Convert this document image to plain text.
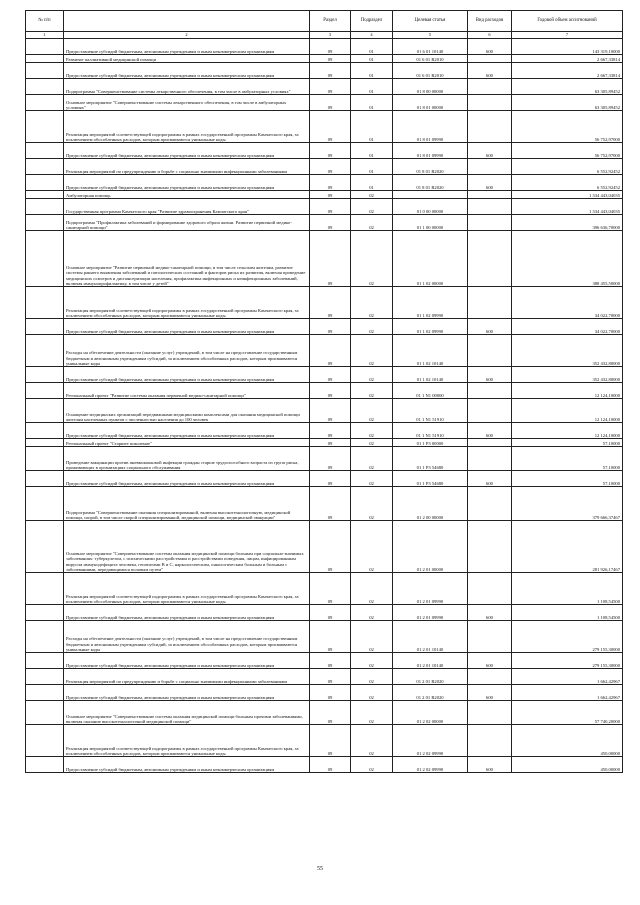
№ п/п		Раздел	Подраздел	Целевая статья	Вид расходов	Годовой объем ассигнований
1	2	3	4	5	6	7
	Предоставление субсидий бюджетным, автономным учреждениям и иным некоммерческим организациям	09	01	01 6 01 10140	600	143 319,10000
	Развитие паллиативной медицинской помощи	09	01	01 6 01 R2010		2 667,33814
	Предоставление субсидий бюджетным, автономным учреждениям и иным некоммерческим организациям	09	01	01 6 01 R2010	600	2 667,33814
	Подпрограмма "Совершенствование системы лекарственного обеспечения, в том числе в амбулаторных условиях"	09	01	01 8 00 00000		63 305,89452
	Основное мероприятие "Совершенствование системы лекарственного обеспечения, в том числе в амбулаторных условиях"	09	01	01 8 01 00000		63 305,89452
	Реализация мероприятий соответствующей подпрограммы в рамках государственной программы Камчатского края, за исключением обособленных расходов, которым присваиваются уникальные коды	09	01	01 8 01 09990		56 752,97000
	Предоставление субсидий бюджетным, автономным учреждениям и иным некоммерческим организациям	09	01	01 8 01 09990	600	56 752,97000
	Реализация мероприятий по предупреждению и борьбе с социально значимыми инфекционными заболеваниями	09	01	01 8 01 R2020		6 552,92452
	Предоставление субсидий бюджетным, автономным учреждениям и иным некоммерческим организациям	09	01	01 8 01 R2020	600	6 552,92452
	Амбулаторная помощь	09	02			1 334 443,04035
	Государственная программа Камчатского края "Развитие здравоохранения Камчатского края"	09	02	01 0 00 00000		1 334 443,04035
	Подпрограмма "Профилактика заболеваний и формирование здорового образа жизни. Развитие первичной медико-санитарной помощи"	09	02	01 1 00 00000		396 636,70000
	Основное мероприятие "Развитие первичной медико-санитарной помощи, в том числе сельским жителям, развитие системы раннего выявления заболеваний и патологических состояний и факторов риска их развития, включая проведение медицинских осмотров и диспансеризации населения, профилактика инфекционных и неинфекционных заболеваний, включая иммунопрофилактику, в том числе у детей"	09	02	01 1 02 00000		388 455,50000
	Реализация мероприятий соответствующей подпрограммы в рамках государственной программы Камчатского края, за исключением обособленных расходов, которым присваиваются уникальные коды	09	02	01 1 02 09990		34 022,70000
	Предоставление субсидий бюджетным, автономным учреждениям и иным некоммерческим организациям	09	02	01 1 02 09990	600	34 022,70000
	Расходы на обеспечение деятельности (оказание услуг) учреждений, в том числе на предоставление государственным бюджетным и автономным учреждениям субсидий, за исключением обособленных расходов, которым присваиваются уникальные коды	09	02	01 1 02 10140		352 432,80000
	Предоставление субсидий бюджетным, автономным учреждениям и иным некоммерческим организациям	09	02	01 1 02 10140	600	352 432,80000
	Региональный проект "Развитие системы оказания первичной медико-санитарной помощи"	09	02	01 1 N1 00000		12 124,10000
	Оснащение медицинских организаций передвижными медицинскими комплексами для оказания медицинской помощи жителям населенных пунктов с численностью населения до 100 человек	09	02	01 1 N1 51910		12 124,10000
	Предоставление субсидий бюджетным, автономным учреждениям и иным некоммерческим организациям	09	02	01 1 N1 51910	600	12 124,10000
	Региональный проект "Старшее поколение"	09	02	01 1 P3 00000		57,10000
	Проведение вакцинации против пневмококковой инфекции граждан старше трудоспособного возраста из групп риска, проживающих в организациях социального обслуживания	09	02	01 1 P3 54680		57,10000
	Предоставление субсидий бюджетным, автономным учреждениям и иным некоммерческим организациям	09	02	01 1 P3 54680	600	57,10000
	Подпрограмма "Совершенствование оказания специализированной, включая высокотехнологичную, медицинской помощи, скорой, в том числе скорой специализированной, медицинской помощи, медицинской эвакуации"	09	02	01 2 00 00000		379 666,37467
	Основное мероприятие "Совершенствование системы оказания медицинской помощи больным при социально-значимых заболеваниях: туберкулезом, с психическими расстройствами и расстройствами поведения, лицам, инфицированным вирусом иммунодефицита человека, гепатитами В и С, наркологическим, онкологическим больным и больным с заболеваниями, передающимися половым путем"	09	02	01 2 01 00000		281 926,17467
	Реализация мероприятий соответствующей подпрограммы в рамках государственной программы Камчатского края, за исключением обособленных расходов, которым присваиваются уникальные коды	09	02	01 2 01 09990		1 108,54500
	Предоставление субсидий бюджетным, автономным учреждениям и иным некоммерческим организациям	09	02	01 2 01 09990	600	1 108,54500
	Расходы на обеспечение деятельности (оказание услуг) учреждений, в том числе на предоставление государственным бюджетным и автономным учреждениям субсидий, за исключением обособленных расходов, которым присваиваются уникальные коды	09	02	01 2 01 10140		279 155,30000
	Предоставление субсидий бюджетным, автономным учреждениям и иным некоммерческим организациям	09	02	01 2 01 10140	600	279 155,30000
	Реализация мероприятий по предупреждению и борьбе с социально значимыми инфекционными заболеваниями	09	02	01 2 01 R2020		1 662,42967
	Предоставление субсидий бюджетным, автономным учреждениям и иным некоммерческим организациям	09	02	01 2 01 R2020	600	1 662,42967
	Основное мероприятие "Совершенствование системы оказания медицинской помощи больным прочими заболеваниями, включая оказание высокотехнологичной медицинской помощи"	09	02	01 2 02 00000		57 740,20000
	Реализация мероприятий соответствующей подпрограммы в рамках государственной программы Камчатского края, за исключением обособленных расходов, которым присваиваются уникальные коды	09	02	01 2 02 09990		450,00000
	Предоставление субсидий бюджетным, автономным учреждениям и иным некоммерческим организациям	09	02	01 2 02 09990	600	450,00000
55
